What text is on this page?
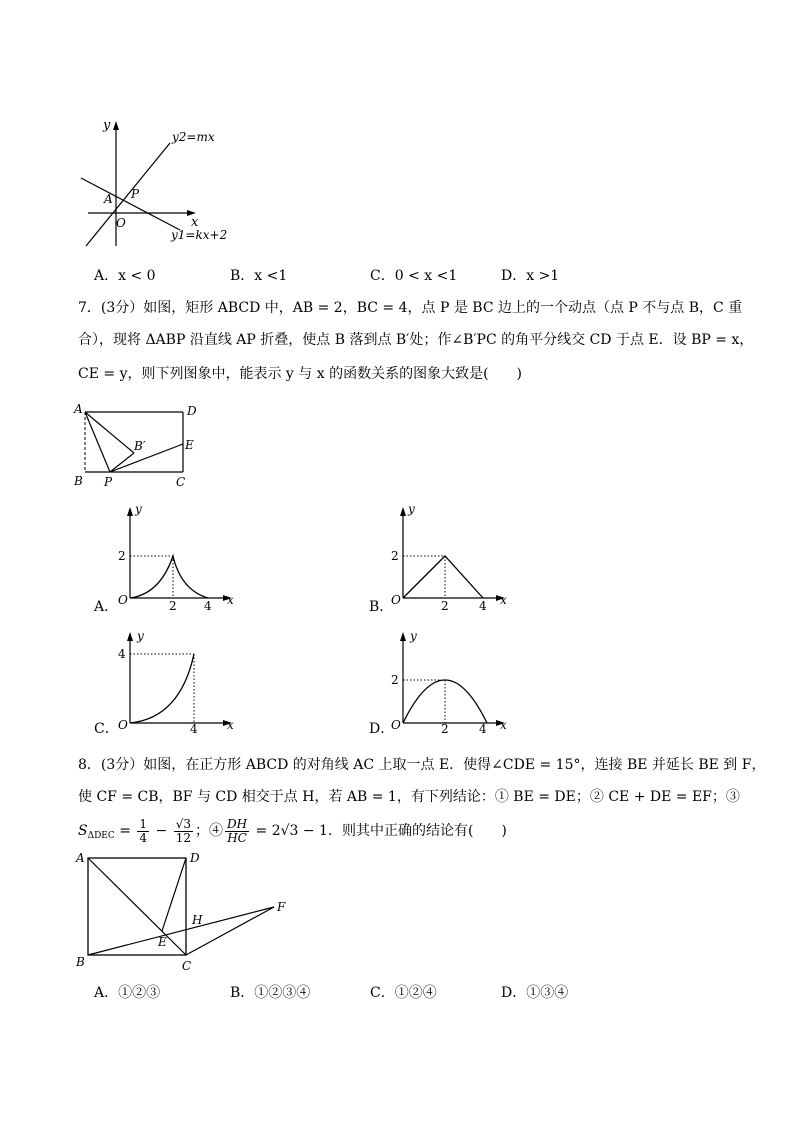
y
x
y2=mx
y1=kx+2
A P
O
A．x < 0	B．x <1	C．0 < x <1	D．x >1
7．(3分）如图，矩形 ABCD 中，AB = 2，BC = 4，点 P 是 BC 边上的一个动点（点 P 不与点 B，C 重
合），现将 ΔABP 沿直线 AP 折叠，使点 B 落到点 B′处；作∠B′PC 的角平分线交 CD 于点 E．设 BP = x，
CE = y，则下列图象中，能表示 y 与 x 的函数关系的图象大致是(　　)
A	D
B P	C
E
B′
y
x
O
2
2 4
A．
y
x
O
2
2	4
B．
y
x
O
4
4
C．
y
x
O
2
2	4
D．
8．(3分）如图，在正方形 ABCD 的对角线 AC 上取一点 E．使得∠CDE = 15°，连接 BE 并延长 BE 到 F，
使 CF = CB，BF 与 CD 相交于点 H，若 AB = 1，有下列结论：① BE = DE；② CE + DE = EF；③
$S_{\Delta DEC} = \frac{1}{4} - \frac{√3}{12}$ ；④ $\frac{DH}{HC} = 2√3 - 1$．则其中正确的结论有(　　)
A	D
B	C
E
H
F
A．①②③	B．①②③④	C．①②④	D．①③④
